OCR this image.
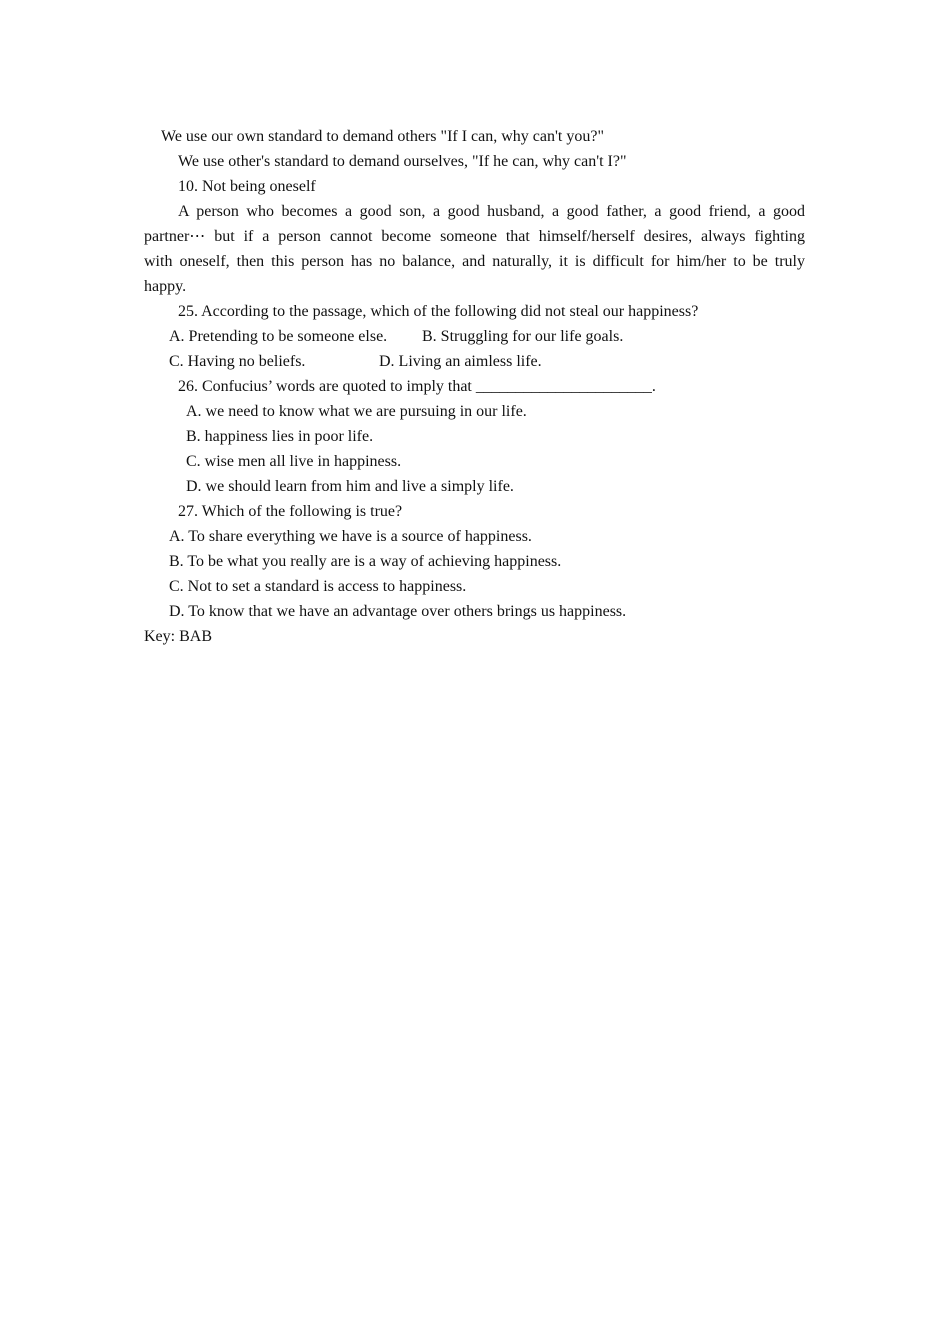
We use our own standard to demand others "If I can, why can't you?"
We use other's standard to demand ourselves, "If he can, why can't I?"
10. Not being oneself
A person who becomes a good son, a good husband, a good father, a good friend, a good
partner⋯ but if a person cannot become someone that himself/herself desires, always fighting
with oneself, then this person has no balance, and naturally, it is difficult for him/her to be truly
happy.
25. According to the passage, which of the following did not steal our happiness?
A. Pretending to be someone else.	B. Struggling for our life goals.
C. Having no beliefs.	D. Living an aimless life.
26. Confucius’ words are quoted to imply that ______________________.
A. we need to know what we are pursuing in our life.
B. happiness lies in poor life.
C. wise men all live in happiness.
D. we should learn from him and live a simply life.
27. Which of the following is true?
A. To share everything we have is a source of happiness.
B. To be what you really are is a way of achieving happiness.
C. Not to set a standard is access to happiness.
D. To know that we have an advantage over others brings us happiness.
Key: BAB
